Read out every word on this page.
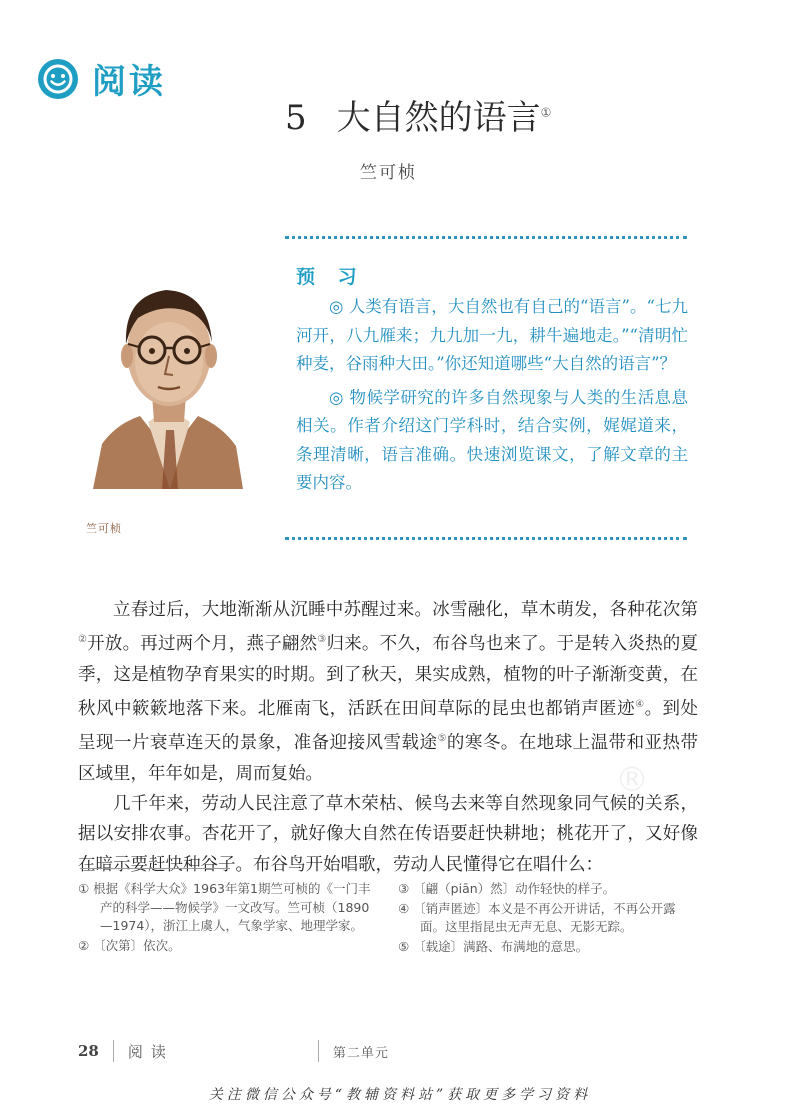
阅读
5 大自然的语言①
竺可桢
竺可桢
预 习

◎ 人类有语言，大自然也有自己的“语言”。“七九河开，八九雁来；九九加一九，耕牛遍地走。”“清明忙种麦，谷雨种大田。”你还知道哪些“大自然的语言”？

◎ 物候学研究的许多自然现象与人类的生活息息相关。作者介绍这门学科时，结合实例，娓娓道来，条理清晰，语言准确。快速浏览课文，了解文章的主要内容。

®

立春过后，大地渐渐从沉睡中苏醒过来。冰雪融化，草木萌发，各种花次第②开放。再过两个月，燕子翩然③归来。不久，布谷鸟也来了。于是转入炎热的夏季，这是植物孕育果实的时期。到了秋天，果实成熟，植物的叶子渐渐变黄，在秋风中簌簌地落下来。北雁南飞，活跃在田间草际的昆虫也都销声匿迹④。到处呈现一片衰草连天的景象，准备迎接风雪载途⑤的寒冬。在地球上温带和亚热带区域里，年年如是，周而复始。

几千年来，劳动人民注意了草木荣枯、候鸟去来等自然现象同气候的关系，据以安排农事。杏花开了，就好像大自然在传语要赶快耕地；桃花开了，又好像在暗示要赶快种谷子。布谷鸟开始唱歌，劳动人民懂得它在唱什么：

① 根据《科学大众》1963年第1期竺可桢的《一门丰产的科学——物候学》一文改写。竺可桢（1890—1974），浙江上虞人，气象学家、地理学家。

② 〔次第〕依次。

③ 〔翩（piān）然〕动作轻快的样子。

④ 〔销声匿迹〕本义是不再公开讲话，不再公开露面。这里指昆虫无声无息、无影无踪。

⑤ 〔载途〕满路、布满地的意思。

28 阅读	第二单元
关注微信公众号“教辅资料站”获取更多学习资料
